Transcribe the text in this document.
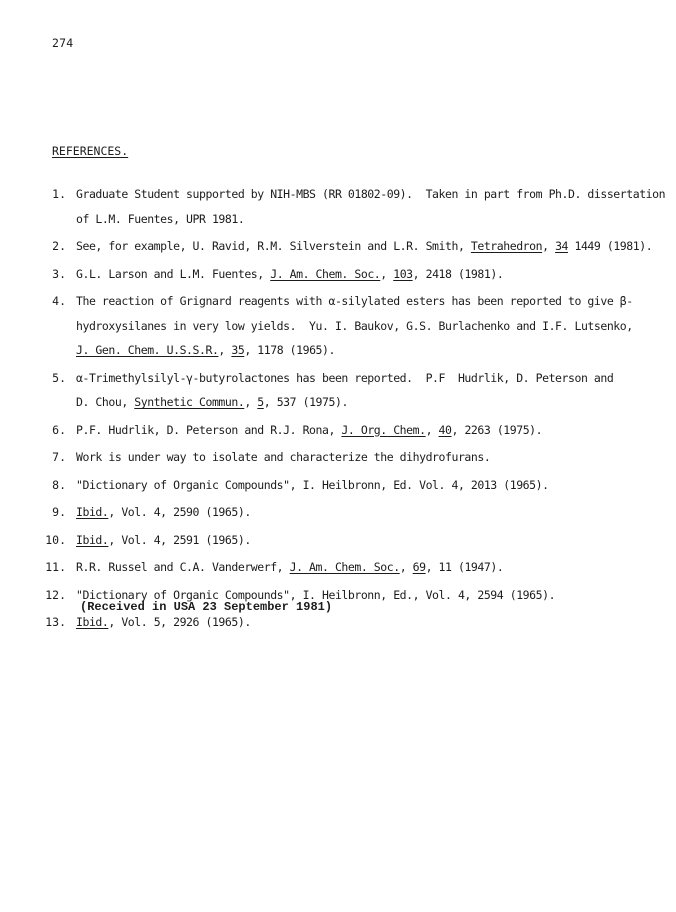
274
REFERENCES.
1. Graduate Student supported by NIH-MBS (RR 01802-09).  Taken in part from Ph.D. dissertation
of L.M. Fuentes, UPR 1981.
2. See, for example, U. Ravid, R.M. Silverstein and L.R. Smith, Tetrahedron, 34 1449 (1981).
3. G.L. Larson and L.M. Fuentes, J. Am. Chem. Soc., 103, 2418 (1981).
4. The reaction of Grignard reagents with α-silylated esters has been reported to give β-
hydroxysilanes in very low yields.  Yu. I. Baukov, G.S. Burlachenko and I.F. Lutsenko,
J. Gen. Chem. U.S.S.R., 35, 1178 (1965).
5. α-Trimethylsilyl-γ-butyrolactones has been reported.  P.F  Hudrlik, D. Peterson and
D. Chou, Synthetic Commun., 5, 537 (1975).
6. P.F. Hudrlik, D. Peterson and R.J. Rona, J. Org. Chem., 40, 2263 (1975).
7. Work is under way to isolate and characterize the dihydrofurans.
8. "Dictionary of Organic Compounds", I. Heilbronn, Ed. Vol. 4, 2013 (1965).
9. Ibid., Vol. 4, 2590 (1965).
10. Ibid., Vol. 4, 2591 (1965).
11. R.R. Russel and C.A. Vanderwerf, J. Am. Chem. Soc., 69, 11 (1947).
12. "Dictionary of Organic Compounds", I. Heilbronn, Ed., Vol. 4, 2594 (1965).
13. Ibid., Vol. 5, 2926 (1965).
(Received in USA 23 September 1981)
